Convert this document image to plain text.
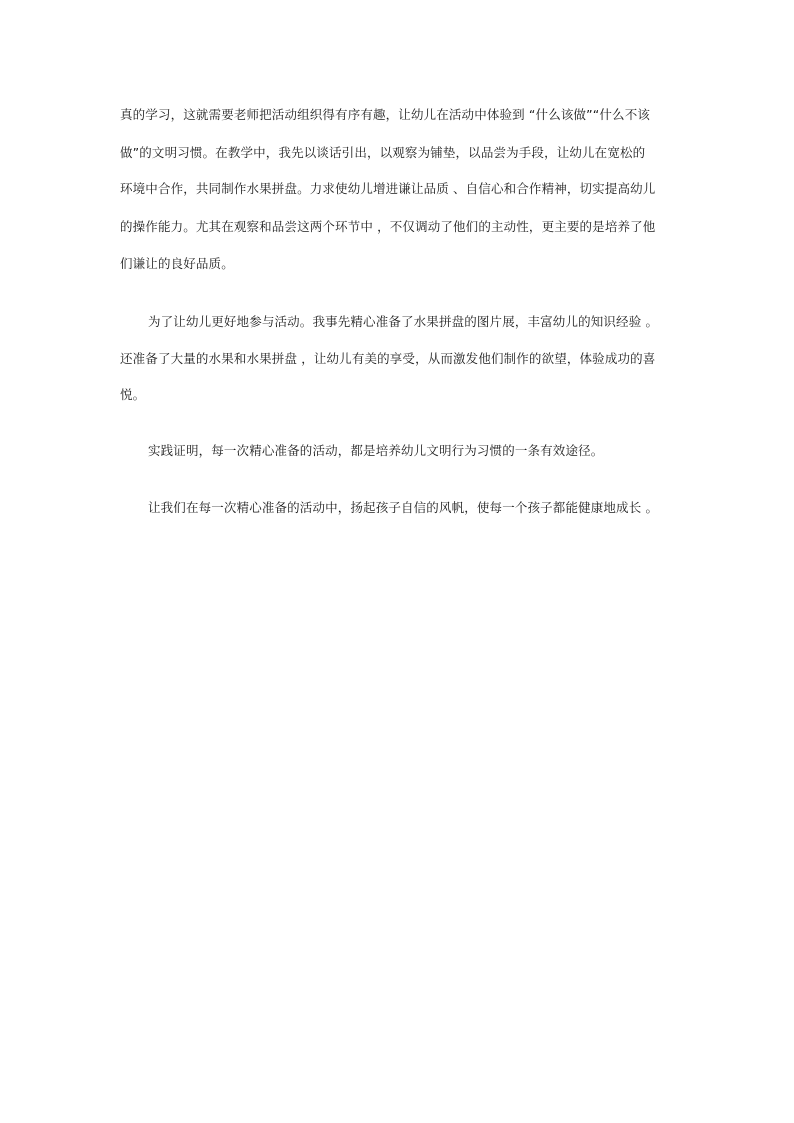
真的学习，这就需要老师把活动组织得有序有趣，让幼儿在活动中体验到 “什么该做”“什么不该
做”的文明习惯。在教学中，我先以谈话引出，以观察为铺垫，以品尝为手段，让幼儿在宽松的
环境中合作，共同制作水果拼盘。力求使幼儿增进谦让品质 、自信心和合作精神，切实提高幼儿
的操作能力。尤其在观察和品尝这两个环节中 ，不仅调动了他们的主动性，更主要的是培养了他
们谦让的良好品质。
为了让幼儿更好地参与活动。我事先精心准备了水果拼盘的图片展，丰富幼儿的知识经验 。
还准备了大量的水果和水果拼盘 ，让幼儿有美的享受，从而激发他们制作的欲望，体验成功的喜
悦。
实践证明，每一次精心准备的活动，都是培养幼儿文明行为习惯的一条有效途径。
让我们在每一次精心准备的活动中，扬起孩子自信的风帆，使每一个孩子都能健康地成长 。
